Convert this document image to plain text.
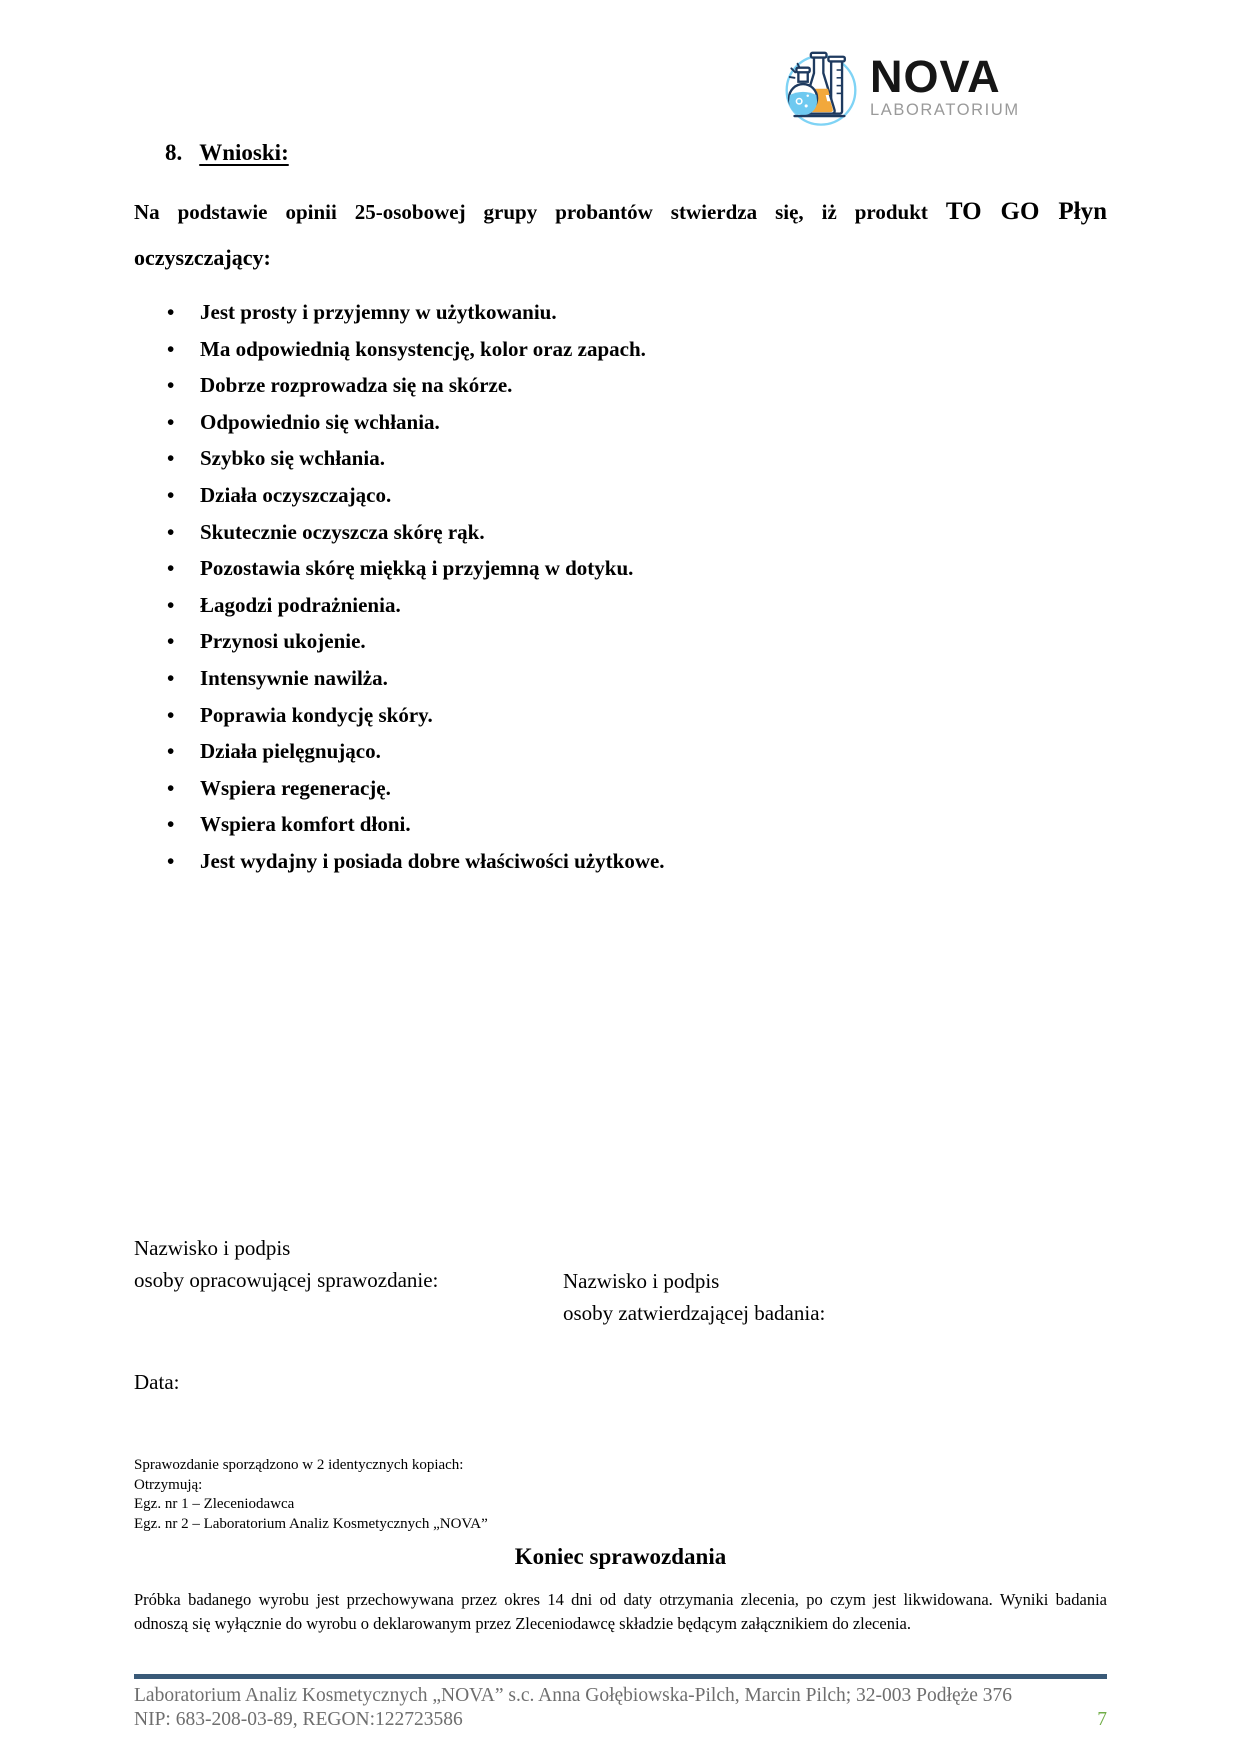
NOVA
LABORATORIUM
8. Wnioski:
Na podstawie opinii 25-osobowej grupy probantów stwierdza się, iż produkt TO GO Płyn
oczyszczający:
• Jest prosty i przyjemny w użytkowaniu.
• Ma odpowiednią konsystencję, kolor oraz zapach.
• Dobrze rozprowadza się na skórze.
• Odpowiednio się wchłania.
• Szybko się wchłania.
• Działa oczyszczająco.
• Skutecznie oczyszcza skórę rąk.
• Pozostawia skórę miękką i przyjemną w dotyku.
• Łagodzi podrażnienia.
• Przynosi ukojenie.
• Intensywnie nawilża.
• Poprawia kondycję skóry.
• Działa pielęgnująco.
• Wspiera regenerację.
• Wspiera komfort dłoni.
• Jest wydajny i posiada dobre właściwości użytkowe.
Nazwisko i podpis
osoby opracowującej sprawozdanie:	Nazwisko i podpis
osoby zatwierdzającej badania:
Data:
Sprawozdanie sporządzono w 2 identycznych kopiach:
Otrzymują:
Egz. nr 1 – Zleceniodawca
Egz. nr 2 – Laboratorium Analiz Kosmetycznych „NOVA”
Koniec sprawozdania
Próbka badanego wyrobu jest przechowywana przez okres 14 dni od daty otrzymania zlecenia, po czym jest likwidowana. Wyniki badania odnoszą się wyłącznie do wyrobu o deklarowanym przez Zleceniodawcę składzie będącym załącznikiem do zlecenia.
Laboratorium Analiz Kosmetycznych „NOVA” s.c. Anna Gołębiowska-Pilch, Marcin Pilch; 32-003 Podłęże 376
NIP: 683-208-03-89, REGON:122723586	7
